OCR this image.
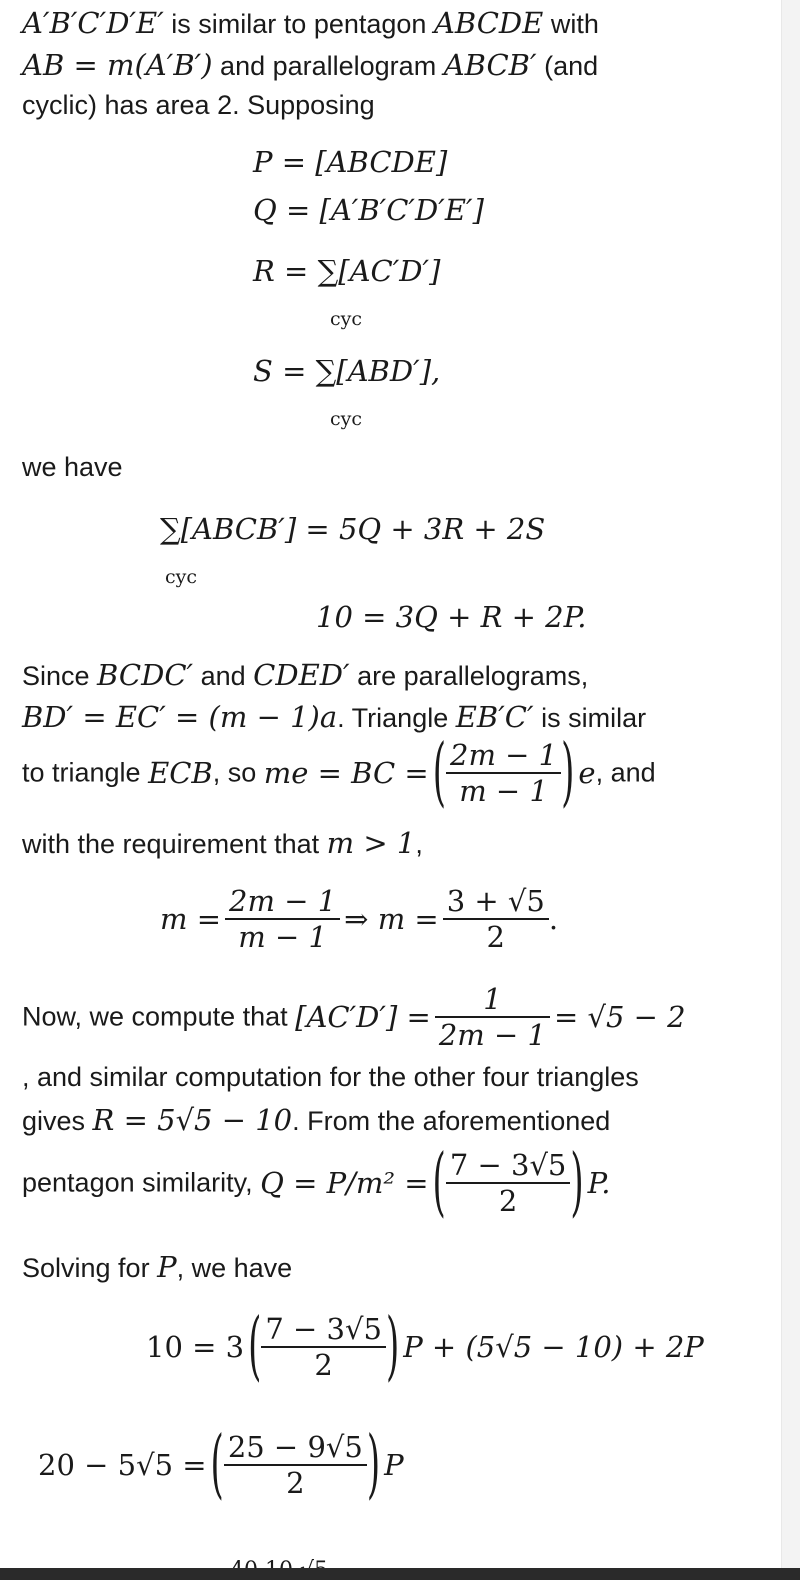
A′B′C′D′E′ is similar to pentagon ABCDE with
AB = m(A′B′) and parallelogram ABCB′ (and
cyclic) has area 2. Supposing
P = [ABCDE]
Q = [A′B′C′D′E′]
R = ∑[AC′D′]
cyc
S = ∑[ABD′],
cyc
we have
∑[ABCB′] = 5Q + 3R + 2S
cyc
10 = 3Q + R + 2P.
Since BCDC′ and CDED′ are parallelograms,
BD′ = EC′ = (m − 1)a. Triangle EB′C′ is similar
to triangle ECB, so me = BC = ( $\frac{2m - 1}{m - 1}$ ) e, and
with the requirement that m > 1,
$m = \frac{2m - 1}{m - 1}$ ⇒ $m = \frac{3 + √5}{2}$ .
Now, we compute that $[AC'D'] = \frac{1}{2m - 1} = √5 - 2$
, and similar computation for the other four triangles
gives R = 5√5 − 10. From the aforementioned
pentagon similarity, Q = P/m² = ( $\frac{7 - 3√5}{2}$ ) P.
Solving for P, we have
10 = 3 ( $\frac{7 - 3√5}{2}$ ) P + (5√5 − 10) + 2P
20 − 5√5 = ( $\frac{25 - 9√5}{2}$ ) P
